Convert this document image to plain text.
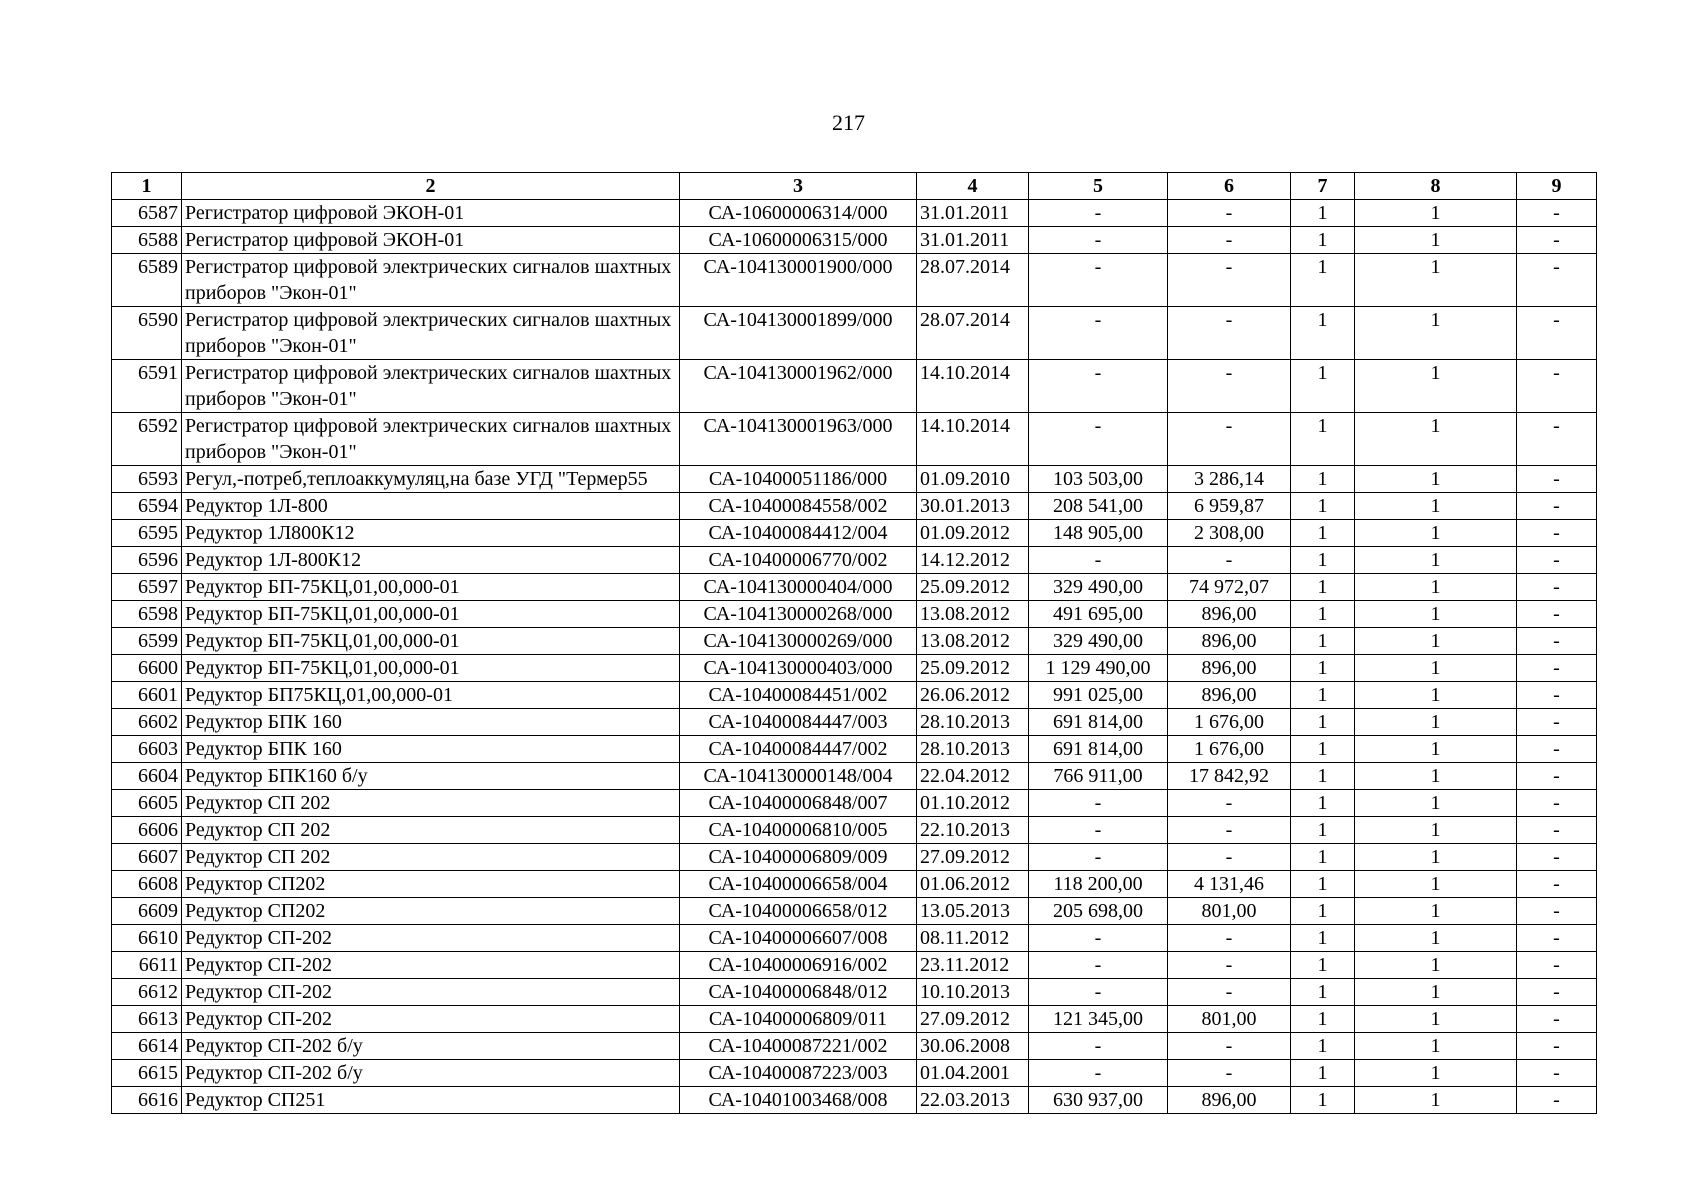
217
1	2	3	4	5	6	7	8	9
6587	Регистратор цифровой ЭКОН-01	СА-10600006314/000	31.01.2011	-	-	1	1	-
6588	Регистратор цифровой ЭКОН-01	СА-10600006315/000	31.01.2011	-	-	1	1	-
6589	Регистратор цифровой электрических сигналов шахтных приборов "Экон-01"	СА-104130001900/000	28.07.2014	-	-	1	1	-
6590	Регистратор цифровой электрических сигналов шахтных приборов "Экон-01"	СА-104130001899/000	28.07.2014	-	-	1	1	-
6591	Регистратор цифровой электрических сигналов шахтных приборов "Экон-01"	СА-104130001962/000	14.10.2014	-	-	1	1	-
6592	Регистратор цифровой электрических сигналов шахтных приборов "Экон-01"	СА-104130001963/000	14.10.2014	-	-	1	1	-
6593	Регул,-потреб,теплоаккумуляц,на базе УГД "Термер55	СА-10400051186/000	01.09.2010	103 503,00	3 286,14	1	1	-
6594	Редуктор 1Л-800	СА-10400084558/002	30.01.2013	208 541,00	6 959,87	1	1	-
6595	Редуктор 1Л800К12	СА-10400084412/004	01.09.2012	148 905,00	2 308,00	1	1	-
6596	Редуктор 1Л-800К12	СА-10400006770/002	14.12.2012	-	-	1	1	-
6597	Редуктор БП-75КЦ,01,00,000-01	СА-104130000404/000	25.09.2012	329 490,00	74 972,07	1	1	-
6598	Редуктор БП-75КЦ,01,00,000-01	СА-104130000268/000	13.08.2012	491 695,00	896,00	1	1	-
6599	Редуктор БП-75КЦ,01,00,000-01	СА-104130000269/000	13.08.2012	329 490,00	896,00	1	1	-
6600	Редуктор БП-75КЦ,01,00,000-01	СА-104130000403/000	25.09.2012	1 129 490,00	896,00	1	1	-
6601	Редуктор БП75КЦ,01,00,000-01	СА-10400084451/002	26.06.2012	991 025,00	896,00	1	1	-
6602	Редуктор БПК 160	СА-10400084447/003	28.10.2013	691 814,00	1 676,00	1	1	-
6603	Редуктор БПК 160	СА-10400084447/002	28.10.2013	691 814,00	1 676,00	1	1	-
6604	Редуктор БПК160 б/у	СА-104130000148/004	22.04.2012	766 911,00	17 842,92	1	1	-
6605	Редуктор СП 202	СА-10400006848/007	01.10.2012	-	-	1	1	-
6606	Редуктор СП 202	СА-10400006810/005	22.10.2013	-	-	1	1	-
6607	Редуктор СП 202	СА-10400006809/009	27.09.2012	-	-	1	1	-
6608	Редуктор СП202	СА-10400006658/004	01.06.2012	118 200,00	4 131,46	1	1	-
6609	Редуктор СП202	СА-10400006658/012	13.05.2013	205 698,00	801,00	1	1	-
6610	Редуктор СП-202	СА-10400006607/008	08.11.2012	-	-	1	1	-
6611	Редуктор СП-202	СА-10400006916/002	23.11.2012	-	-	1	1	-
6612	Редуктор СП-202	СА-10400006848/012	10.10.2013	-	-	1	1	-
6613	Редуктор СП-202	СА-10400006809/011	27.09.2012	121 345,00	801,00	1	1	-
6614	Редуктор СП-202 б/у	СА-10400087221/002	30.06.2008	-	-	1	1	-
6615	Редуктор СП-202 б/у	СА-10400087223/003	01.04.2001	-	-	1	1	-
6616	Редуктор СП251	СА-10401003468/008	22.03.2013	630 937,00	896,00	1	1	-
